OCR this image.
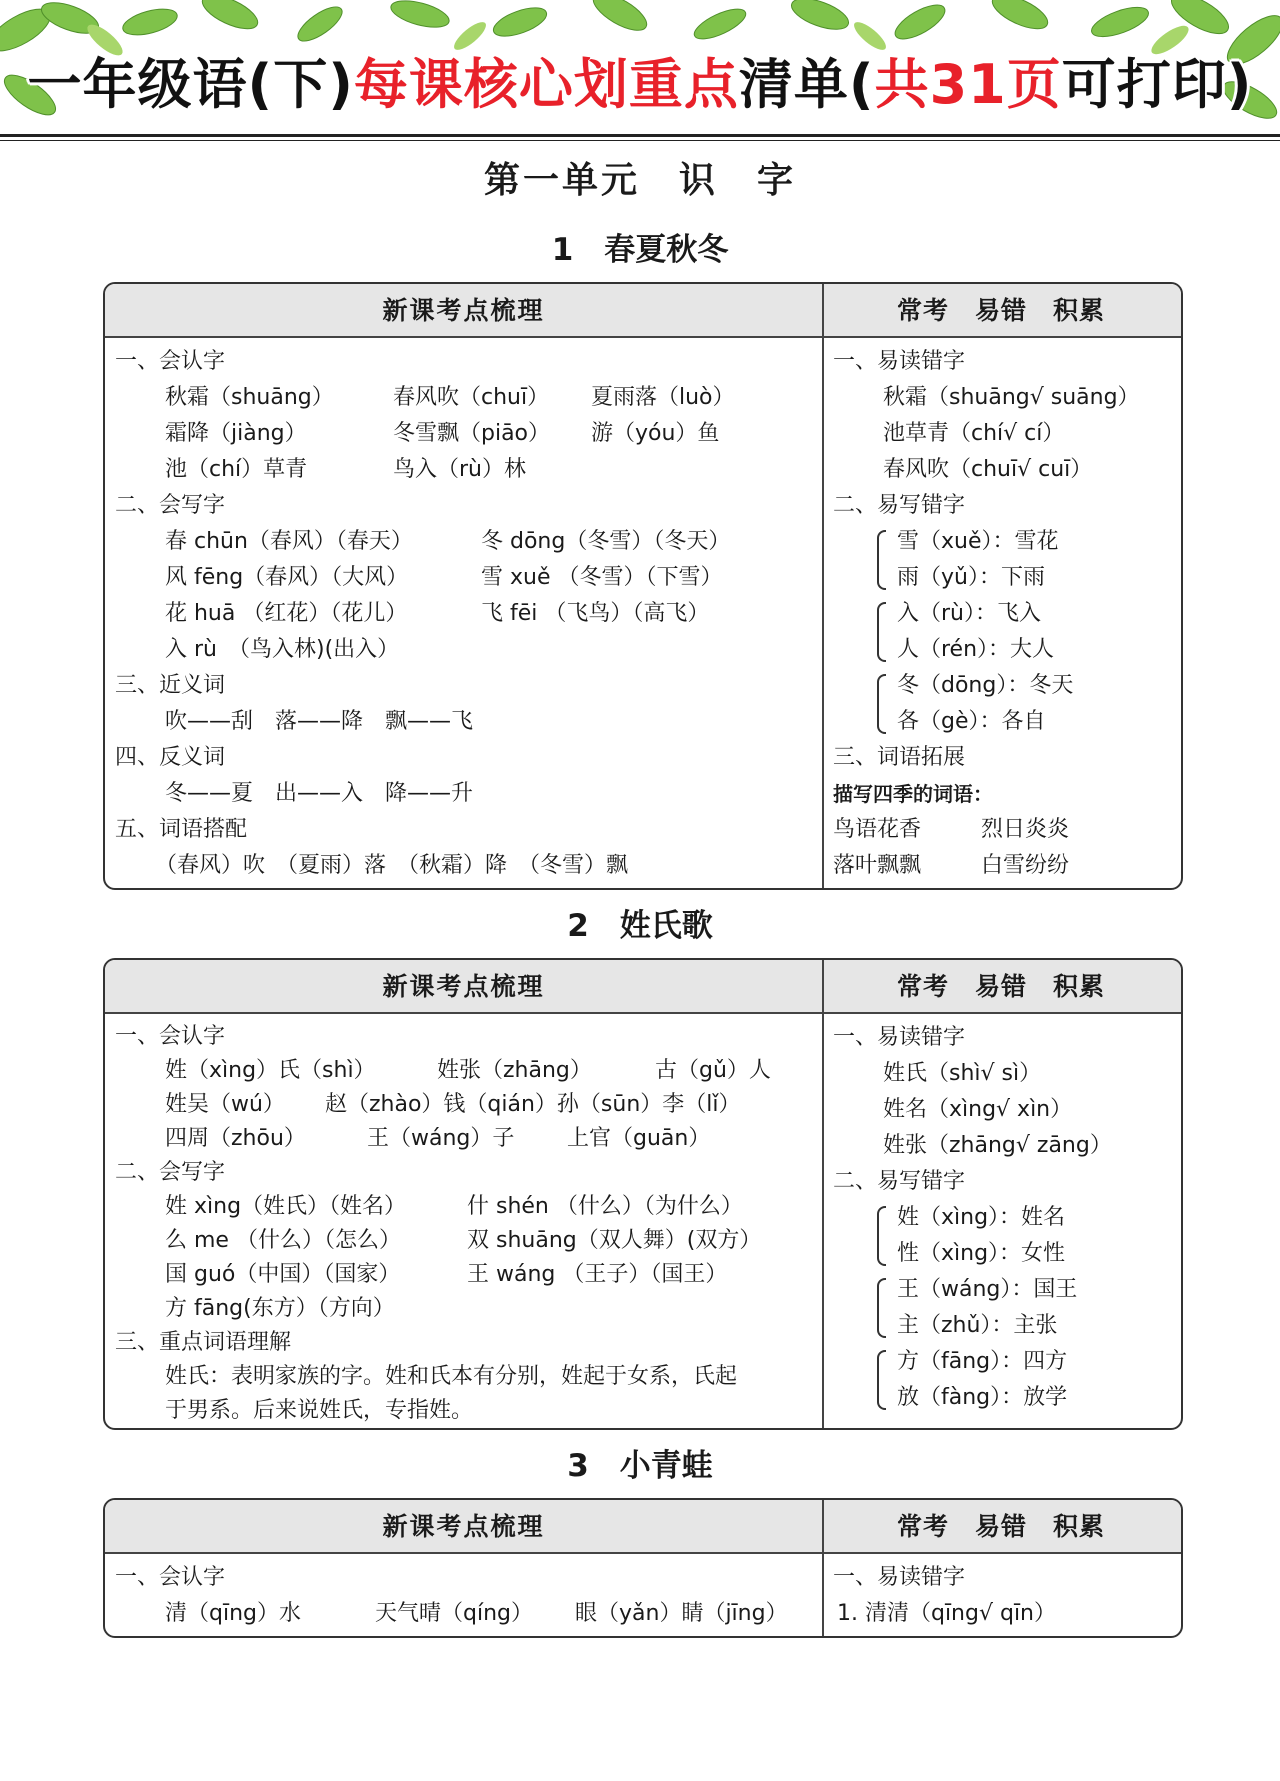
一年级语(下)每课核心划重点清单(共31页可打印)
第一单元　识　字
1　春夏秋冬
新课考点梳理	常考　易错　积累
一、会认字
秋霜（shuāng）	春风吹（chuī）	夏雨落（luò）
霜降（jiàng）	冬雪飘（piāo）	游（yóu）鱼
池（chí）草青	鸟入（rù）林
二、会写字
春 chūn（春风）（春天）	冬 dōng（冬雪）（冬天）
风 fēng（春风）（大风）	雪 xuě （冬雪）（下雪）
花 huā （红花）（花儿）	飞 fēi （飞鸟）（高飞）
入 rù　（鸟入林)(出入）
三、近义词
吹——刮　落——降　飘——飞
四、反义词
冬——夏　出——入　降——升
五、词语搭配
（春风）吹　（夏雨）落　（秋霜）降　（冬雪）飘
一、易读错字
秋霜（shuāng√ suāng）
池草青（chí√ cí）
春风吹（chuī√ cuī）
二、易写错字
雪（xuě）：雪花
雨（yǔ）：下雨
入（rù）：飞入
人（rén）：大人
冬（dōng）：冬天
各（gè）：各自
三、词语拓展
描写四季的词语：
鸟语花香	烈日炎炎
落叶飘飘	白雪纷纷
2　姓氏歌
新课考点梳理	常考　易错　积累
一、会认字
姓（xìng）氏（shì）	姓张（zhāng）	古（gǔ）人
姓吴（wú）	赵（zhào）钱（qián）孙（sūn）李（lǐ）
四周（zhōu）	王（wáng）子	上官（guān）
二、会写字
姓 xìng（姓氏）（姓名）	什 shén （什么）（为什么）
么 me （什么）（怎么）	双 shuāng（双人舞）(双方）
国 guó（中国）（国家）	王 wáng （王子）（国王）
方 fāng(东方）（方向）
三、重点词语理解
姓氏：表明家族的字。姓和氏本有分别，姓起于女系，氏起
于男系。后来说姓氏，专指姓。
一、易读错字
姓氏（shì√ sì）
姓名（xìng√ xìn）
姓张（zhāng√ zāng）
二、易写错字
姓（xìng）：姓名
性（xìng）：女性
王（wáng）：国王
主（zhǔ）：主张
方（fāng）：四方
放（fàng）：放学
3　小青蛙
新课考点梳理	常考　易错　积累
一、会认字
清（qīng）水	天气晴（qíng）	眼（yǎn）睛（jīng）
一、易读错字
1. 清清（qīng√ qīn）
